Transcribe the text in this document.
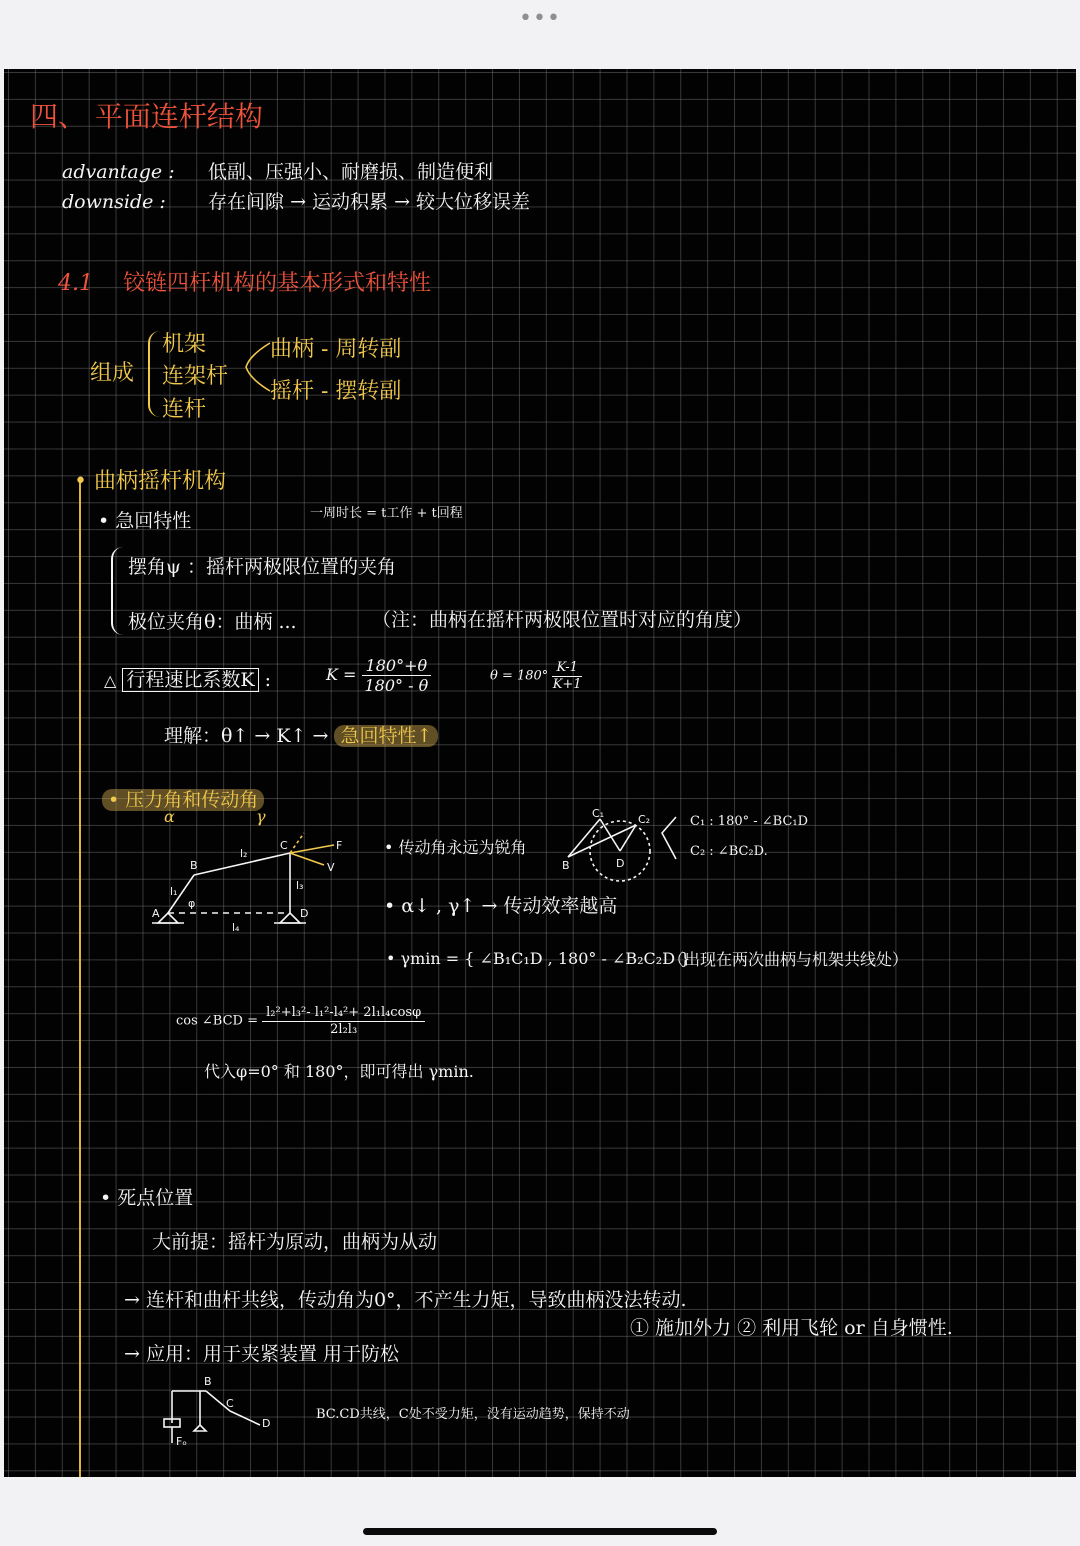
•••
四、 平面连杆结构
advantage : 低副、压强小、耐磨损、制造便利
downside : 存在间隙 → 运动积累 → 较大位移误差
4.1 铰链四杆机构的基本形式和特性
组成
机架
连架杆
连杆
曲柄 - 周转副
摇杆 - 摆转副
• 曲柄摇杆机构
• 急回特性	一周时长 = t工作 + t回程
摆角ψ ：摇杆两极限位置的夹角
极位夹角θ：曲柄 ...	（注：曲柄在摇杆两极限位置时对应的角度）
△ 行程速比系数K :	$K = \frac{180^\circ+\theta}{180^\circ - \theta}$	$\theta = 180^\circ \frac{K-1}{K+1}$
理解：θ↑ → K↑ → 急回特性↑
• 压力角和传动角
α	γ
A
B
C
D
F
V
l₁
l₂
l₃
l₄
φ
C₁	C₂
B	D
C₁ : 180° - ∠BC₁D
C₂ : ∠BC₂D.
• 传动角永远为锐角
• α↓ , γ↑ → 传动效率越高
• γmin = { ∠B₁C₁D , 180° - ∠B₂C₂D }
（出现在两次曲柄与机架共线处）
cos ∠BCD = $\frac{\text{l₂²+l₃²- l₁²-l₄²+ 2l₁l₄cosφ}}{\text{2l₂l₃}}$
代入φ=0° 和 180°，即可得出 γmin.
• 死点位置
大前提：摇杆为原动，曲柄为从动
→ 连杆和曲杆共线，传动角为0°，不产生力矩，导致曲柄没法转动.
① 施加外力 ② 利用飞轮 or 自身惯性.
→ 应用：用于夹紧装置 用于防松
B
C
D
Fₒ
BC.CD共线，C处不受力矩，没有运动趋势，保持不动
